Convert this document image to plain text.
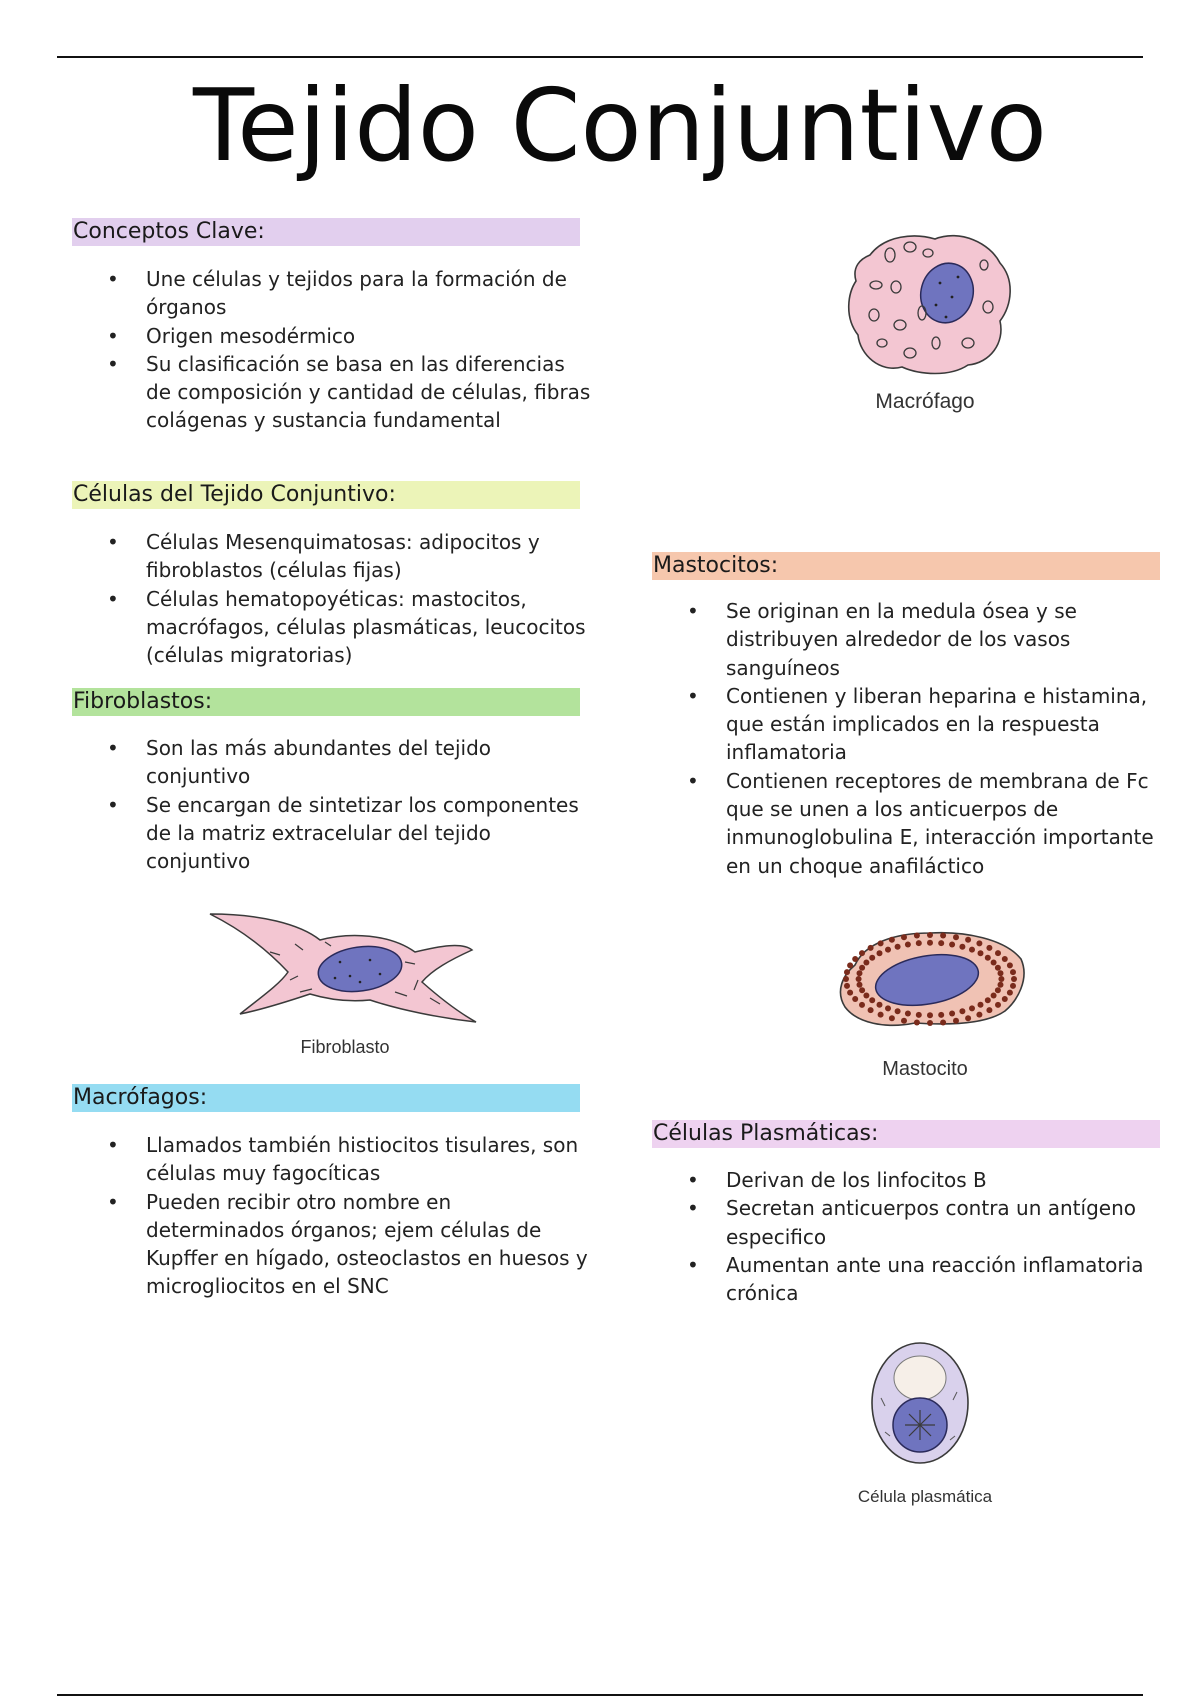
Tejido Conjuntivo
Conceptos Clave:
• Une células y tejidos para la formación de órganos
• Origen mesodérmico
• Su clasificación se basa en las diferencias de composición y cantidad de células, fibras colágenas y sustancia fundamental
Células del Tejido Conjuntivo:
• Células Mesenquimatosas: adipocitos y fibroblastos (células fijas)
• Células hematopoyéticas: mastocitos, macrófagos, células plasmáticas, leucocitos (células migratorias)
Fibroblastos:
• Son las más abundantes del tejido conjuntivo
• Se encargan de sintetizar los componentes de la matriz extracelular del tejido conjuntivo
Fibroblasto
Macrófagos:
• Llamados también histiocitos tisulares, son células muy fagocíticas
• Pueden recibir otro nombre en determinados órganos; ejem células de Kupffer en hígado, osteoclastos en huesos y microgliocitos en el SNC
Macrófago
Mastocitos:
• Se originan en la medula ósea y se distribuyen alrededor de los vasos sanguíneos
• Contienen y liberan heparina e histamina, que están implicados en la respuesta inflamatoria
• Contienen receptores de membrana de Fc que se unen a los anticuerpos de inmunoglobulina E, interacción importante en un choque anafiláctico
Mastocito
Células Plasmáticas:
• Derivan de los linfocitos B
• Secretan anticuerpos contra un antígeno especifico
• Aumentan ante una reacción inflamatoria crónica
Célula plasmática
